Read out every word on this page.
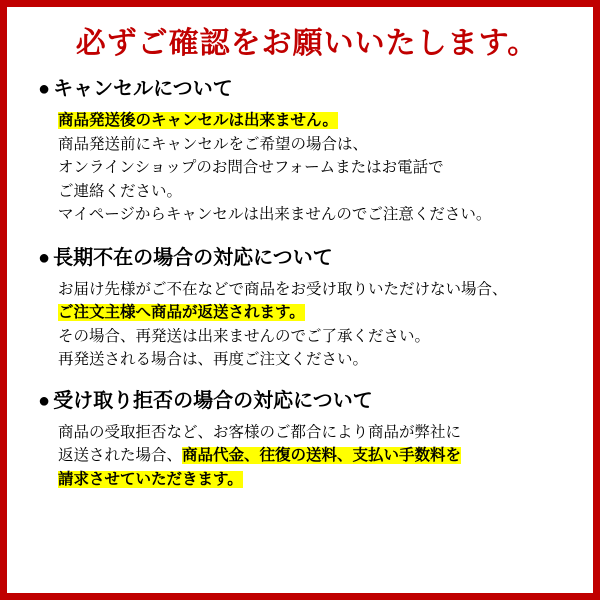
必ずご確認をお願いいたします。
● キャンセルについて
商品発送後のキャンセルは出来ません。
商品発送前にキャンセルをご希望の場合は、
オンラインショップのお問合せフォームまたはお電話で
ご連絡ください。
マイページからキャンセルは出来ませんのでご注意ください。
● 長期不在の場合の対応について
お届け先様がご不在などで商品をお受け取りいただけない場合、
ご注文主様へ商品が返送されます。
その場合、再発送は出来ませんのでご了承ください。
再発送される場合は、再度ご注文ください。
● 受け取り拒否の場合の対応について
商品の受取拒否など、お客様のご都合により商品が弊社に
返送された場合、商品代金、往復の送料、支払い手数料を
請求させていただきます。
